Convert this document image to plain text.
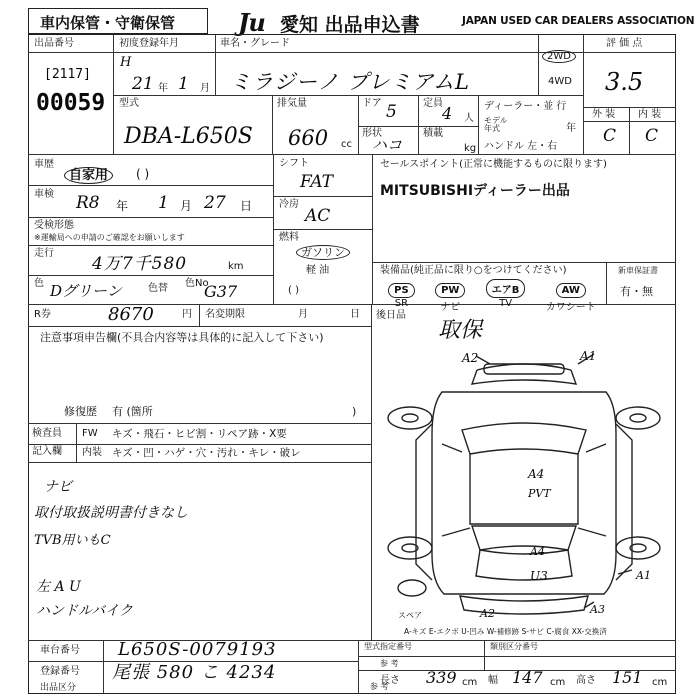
車内保管・守衛保管	Ju 愛知 出品申込書	JAPAN USED CAR DEALERS ASSOCIATION
出品番号
[2117]
00059
初度登録年月
H
21 年 1 月
車名・グレード
ミラジーノ プレミアムL
2WD
4WD
評 価 点
3.5
外 装 内 装
C C
型式
DBA-L650S
排気量
660 cc
ドア 5	定員
4 人
形状
ハコ
積載
kg
ディーラー・並 行
モデル年式	年
ハンドル 左・右
車歴
自家用	( )
車検 R8 年 1 月 27 日
受検形態
※運輸局への申請のご確認をお願いします
走行
4万7千580	km
色 Dグリーン	色替 色No
G37
シフト
FAT
冷房
AC
燃料
ガソリン
軽 油
( )
セールスポイント(正常に機能するものに限ります)
MITSUBISHIディーラー出品
装備品(純正品に限り○をつけてください)
PS
SR
PW
ナビ
エアB
TV
AW
カワシート
新車保証書
有・無
R券	8670	円 名変期限	月	日
注意事項申告欄(不具合内容等は具体的に記入して下さい)
修復歴 有 (箇所	)
検査員
記入欄
FW キズ・飛石・ヒビ割・リペア跡・X要
内装 キズ・凹・ハゲ・穴・汚れ・キレ・破レ
ナビ
取付取扱説明書付きなし
TVB用いもC
左 A U
ハンドルバイク
後日品
取保
A2	A1
A4
PVT
A4
U3	A1
A2	A3
スペア
A-キズ E-エクボ U-凹み W-補修跡 S-サビ C-腐食 XX-交換済
車台番号 L650S-0079193
登録番号 尾張 580 こ 4234
出品区分	参 考
型式指定番号
参 考
類別区分番号
長さ 339 cm 幅 147 cm 高さ 151 cm
